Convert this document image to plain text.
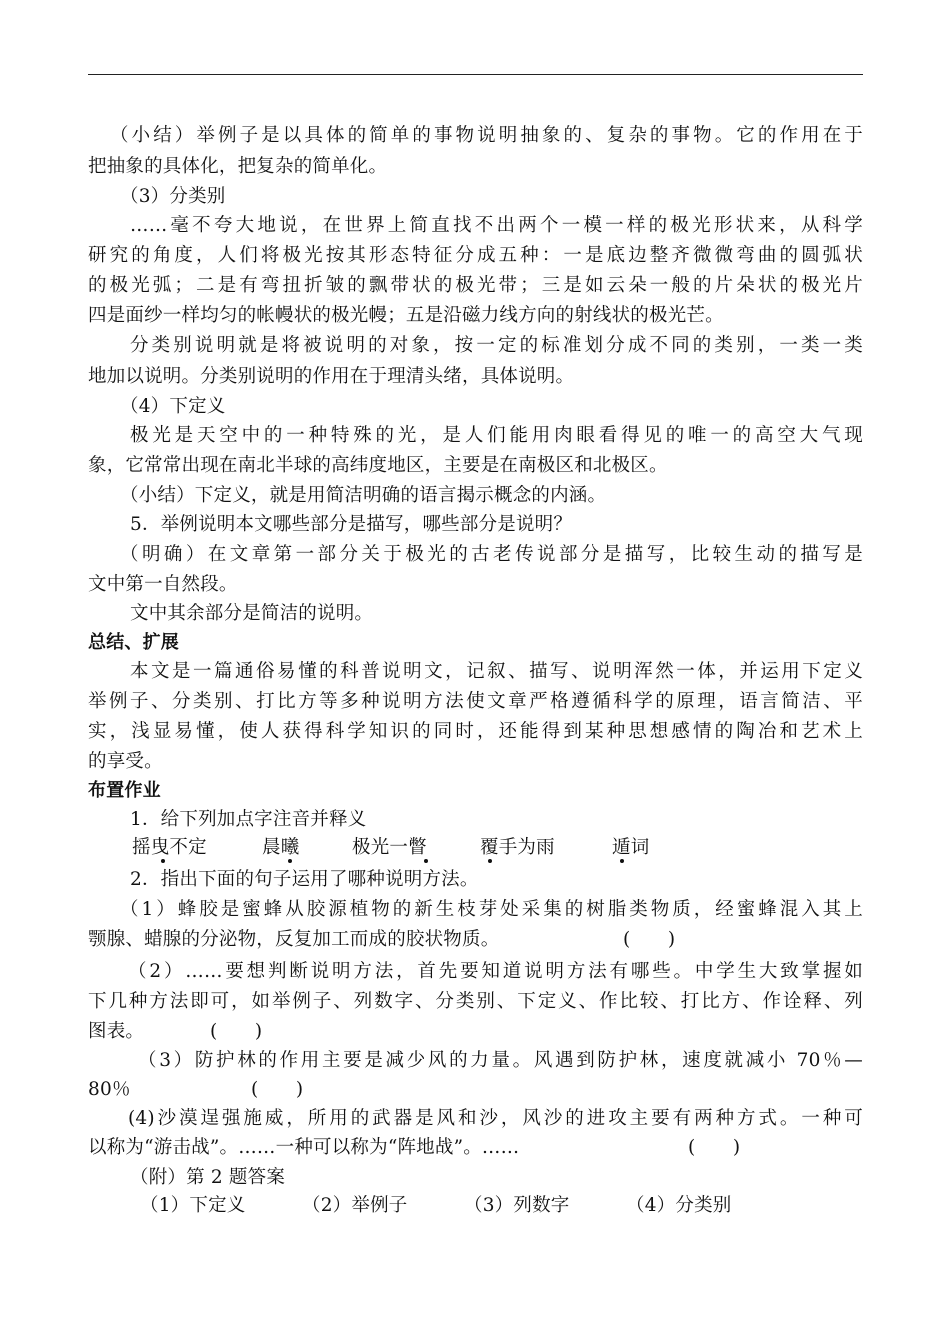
（小结）举例子是以具体的简单的事物说明抽象的、复杂的事物。它的作用在于
把抽象的具体化，把复杂的简单化。
（3）分类别
……毫不夸大地说，在世界上简直找不出两个一模一样的极光形状来，从科学
研究的角度，人们将极光按其形态特征分成五种：一是底边整齐微微弯曲的圆弧状
的极光弧；二是有弯扭折皱的飘带状的极光带；三是如云朵一般的片朵状的极光片
四是面纱一样均匀的帐幔状的极光幔；五是沿磁力线方向的射线状的极光芒。
分类别说明就是将被说明的对象，按一定的标准划分成不同的类别，一类一类
地加以说明。分类别说明的作用在于理清头绪，具体说明。
（4）下定义
极光是天空中的一种特殊的光，是人们能用肉眼看得见的唯一的高空大气现
象，它常常出现在南北半球的高纬度地区，主要是在南极区和北极区。
（小结）下定义，就是用简洁明确的语言揭示概念的内涵。
5．举例说明本文哪些部分是描写，哪些部分是说明？
（明确）在文章第一部分关于极光的古老传说部分是描写，比较生动的描写是
文中第一自然段。
文中其余部分是简洁的说明。
总结、扩展
本文是一篇通俗易懂的科普说明文，记叙、描写、说明浑然一体，并运用下定义
举例子、分类别、打比方等多种说明方法使文章严格遵循科学的原理，语言简洁、平
实，浅显易懂，使人获得科学知识的同时，还能得到某种思想感情的陶冶和艺术上
的享受。
布置作业
1．给下列加点字注音并释义
摇曳不定	晨曦	极光一瞥	覆手为雨	遁词
2．指出下面的句子运用了哪种说明方法。
（1）蜂胶是蜜蜂从胶源植物的新生枝芽处采集的树脂类物质，经蜜蜂混入其上
颚腺、蜡腺的分泌物，反复加工而成的胶状物质。	(　　)
（2）……要想判断说明方法，首先要知道说明方法有哪些。中学生大致掌握如
下几种方法即可，如举例子、列数字、分类别、下定义、作比较、打比方、作诠释、列
图表。	(　　)
（3）防护林的作用主要是减少风的力量。风遇到防护林，速度就减小 70％—
80％	(　　)
(4)沙漠逞强施威，所用的武器是风和沙，风沙的进攻主要有两种方式。一种可
以称为“游击战”。……一种可以称为“阵地战”。……	(　　)
（附）第 2 题答案
（1）下定义	（2）举例子	（3）列数字	（4）分类别
